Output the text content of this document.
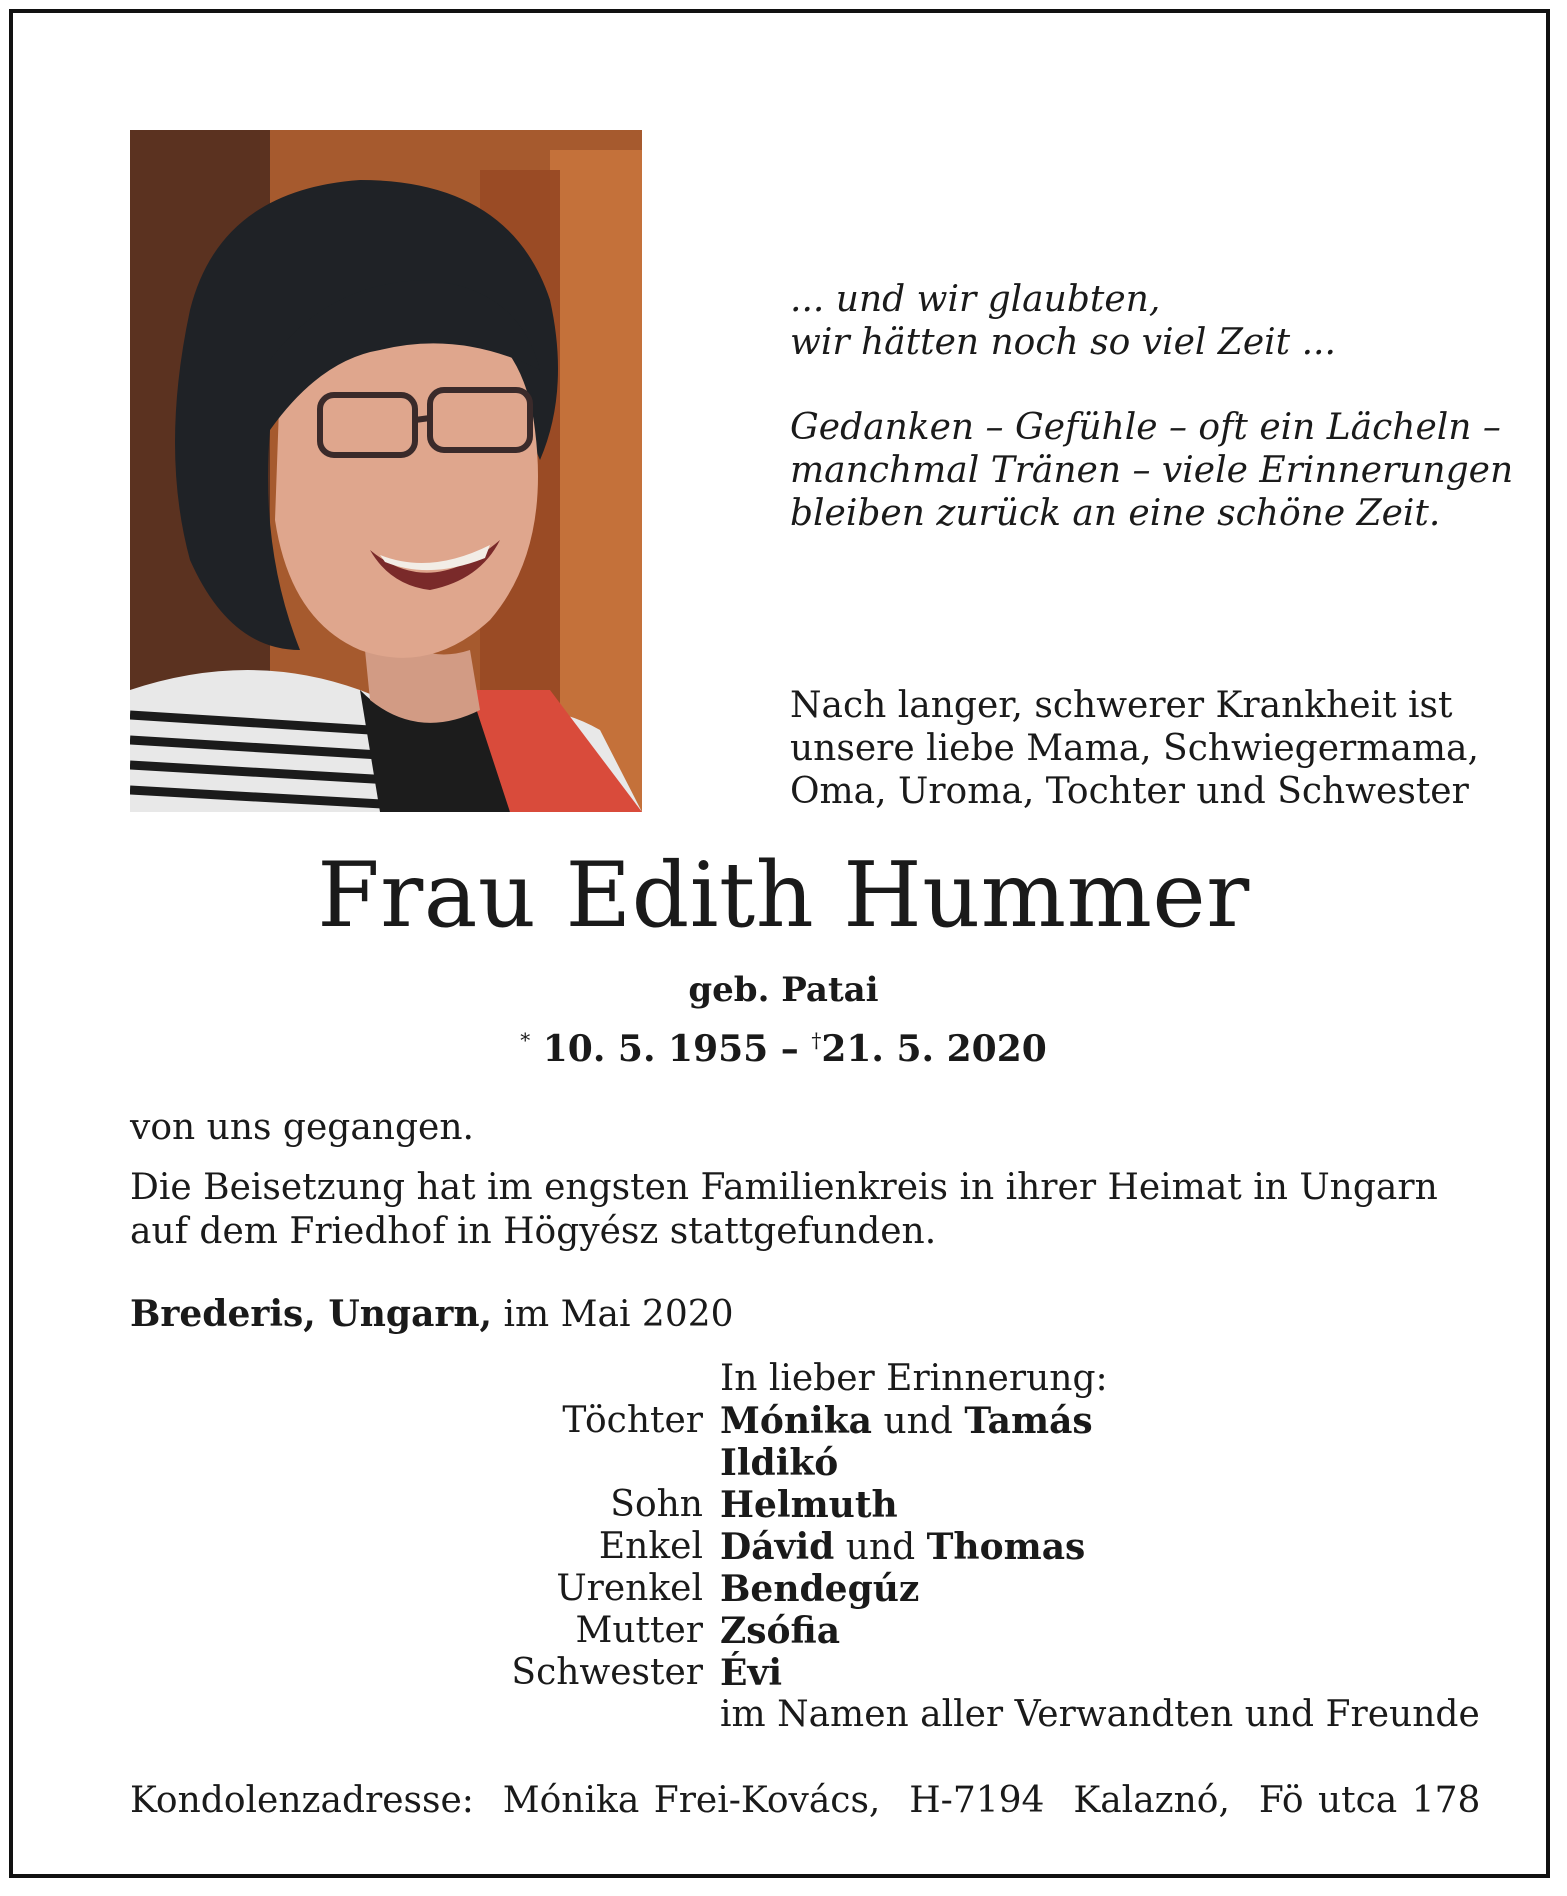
... und wir glaubten,
wir hätten noch so viel Zeit ...

Gedanken – Gefühle – oft ein Lächeln –
manchmal Tränen – viele Erinnerungen
bleiben zurück an eine schöne Zeit.

Nach langer, schwerer Krankheit ist
unsere liebe Mama, Schwiegermama,
Oma, Uroma, Tochter und Schwester

Frau Edith Hummer

geb. Patai

* 10. 5. 1955 – †21. 5. 2020

von uns gegangen.

Die Beisetzung hat im engsten Familienkreis in ihrer Heimat in Ungarn auf dem Friedhof in Högyész stattgefunden.

Brederis, Ungarn, im Mai 2020

In lieber Erinnerung:
Töchter Mónika und Tamás
Ildikó
Sohn Helmuth
Enkel Dávid und Thomas
Urenkel Bendegúz
Mutter Zsófia
Schwester Évi
im Namen aller Verwandten und Freunde

Kondolenzadresse:  Mónika Frei-Kovács,  H-7194  Kalaznó,  Fö utca 178
